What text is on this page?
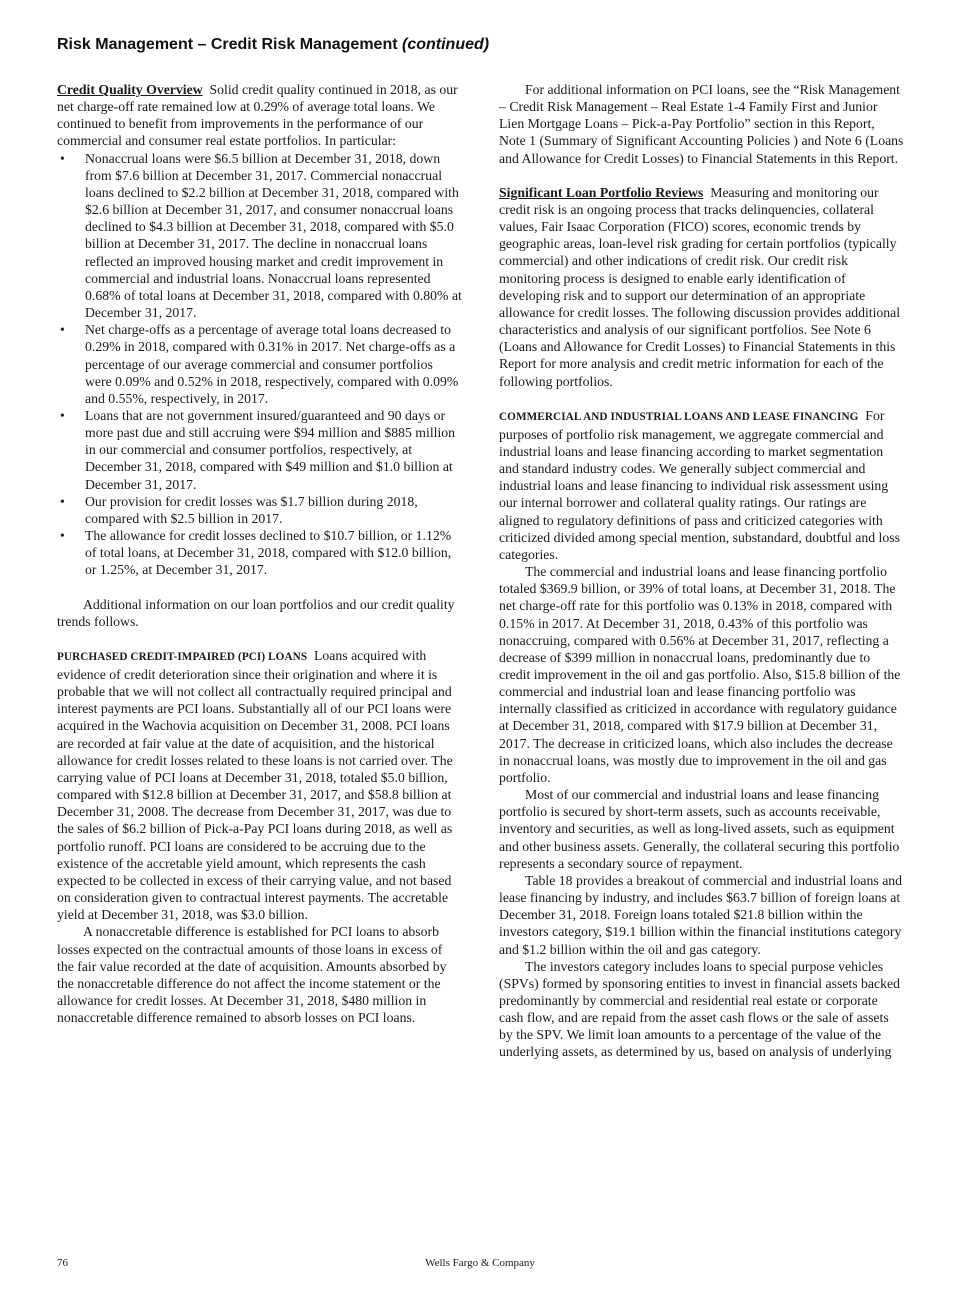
Risk Management – Credit Risk Management (continued)

Credit Quality Overview Solid credit quality continued in 2018, as our net charge-off rate remained low at 0.29% of average total loans. We continued to benefit from improvements in the performance of our commercial and consumer real estate portfolios. In particular:

• Nonaccrual loans were $6.5 billion at December 31, 2018, down from $7.6 billion at December 31, 2017. Commercial nonaccrual loans declined to $2.2 billion at December 31, 2018, compared with $2.6 billion at December 31, 2017, and consumer nonaccrual loans declined to $4.3 billion at December 31, 2018, compared with $5.0 billion at December 31, 2017. The decline in nonaccrual loans reflected an improved housing market and credit improvement in commercial and industrial loans. Nonaccrual loans represented 0.68% of total loans at December 31, 2018, compared with 0.80% at December 31, 2017.
• Net charge-offs as a percentage of average total loans decreased to 0.29% in 2018, compared with 0.31% in 2017. Net charge-offs as a percentage of our average commercial and consumer portfolios were 0.09% and 0.52% in 2018, respectively, compared with 0.09% and 0.55%, respectively, in 2017.
• Loans that are not government insured/guaranteed and 90 days or more past due and still accruing were $94 million and $885 million in our commercial and consumer portfolios, respectively, at December 31, 2018, compared with $49 million and $1.0 billion at December 31, 2017.
• Our provision for credit losses was $1.7 billion during 2018, compared with $2.5 billion in 2017.
• The allowance for credit losses declined to $10.7 billion, or 1.12% of total loans, at December 31, 2018, compared with $12.0 billion, or 1.25%, at December 31, 2017.

Additional information on our loan portfolios and our credit quality trends follows.

PURCHASED CREDIT-IMPAIRED (PCI) LOANS Loans acquired with evidence of credit deterioration since their origination and where it is probable that we will not collect all contractually required principal and interest payments are PCI loans. Substantially all of our PCI loans were acquired in the Wachovia acquisition on December 31, 2008. PCI loans are recorded at fair value at the date of acquisition, and the historical allowance for credit losses related to these loans is not carried over. The carrying value of PCI loans at December 31, 2018, totaled $5.0 billion, compared with $12.8 billion at December 31, 2017, and $58.8 billion at December 31, 2008. The decrease from December 31, 2017, was due to the sales of $6.2 billion of Pick-a-Pay PCI loans during 2018, as well as portfolio runoff. PCI loans are considered to be accruing due to the existence of the accretable yield amount, which represents the cash expected to be collected in excess of their carrying value, and not based on consideration given to contractual interest payments. The accretable yield at December 31, 2018, was $3.0 billion.

A nonaccretable difference is established for PCI loans to absorb losses expected on the contractual amounts of those loans in excess of the fair value recorded at the date of acquisition. Amounts absorbed by the nonaccretable difference do not affect the income statement or the allowance for credit losses. At December 31, 2018, $480 million in nonaccretable difference remained to absorb losses on PCI loans.

For additional information on PCI loans, see the “Risk Management – Credit Risk Management – Real Estate 1-4 Family First and Junior Lien Mortgage Loans – Pick-a-Pay Portfolio” section in this Report, Note 1 (Summary of Significant Accounting Policies ) and Note 6 (Loans and Allowance for Credit Losses) to Financial Statements in this Report.

Significant Loan Portfolio Reviews Measuring and monitoring our credit risk is an ongoing process that tracks delinquencies, collateral values, Fair Isaac Corporation (FICO) scores, economic trends by geographic areas, loan-level risk grading for certain portfolios (typically commercial) and other indications of credit risk. Our credit risk monitoring process is designed to enable early identification of developing risk and to support our determination of an appropriate allowance for credit losses. The following discussion provides additional characteristics and analysis of our significant portfolios. See Note 6 (Loans and Allowance for Credit Losses) to Financial Statements in this Report for more analysis and credit metric information for each of the following portfolios.

COMMERCIAL AND INDUSTRIAL LOANS AND LEASE FINANCING For purposes of portfolio risk management, we aggregate commercial and industrial loans and lease financing according to market segmentation and standard industry codes. We generally subject commercial and industrial loans and lease financing to individual risk assessment using our internal borrower and collateral quality ratings. Our ratings are aligned to regulatory definitions of pass and criticized categories with criticized divided among special mention, substandard, doubtful and loss categories.

The commercial and industrial loans and lease financing portfolio totaled $369.9 billion, or 39% of total loans, at December 31, 2018. The net charge-off rate for this portfolio was 0.13% in 2018, compared with 0.15% in 2017. At December 31, 2018, 0.43% of this portfolio was nonaccruing, compared with 0.56% at December 31, 2017, reflecting a decrease of $399 million in nonaccrual loans, predominantly due to credit improvement in the oil and gas portfolio. Also, $15.8 billion of the commercial and industrial loan and lease financing portfolio was internally classified as criticized in accordance with regulatory guidance at December 31, 2018, compared with $17.9 billion at December 31, 2017. The decrease in criticized loans, which also includes the decrease in nonaccrual loans, was mostly due to improvement in the oil and gas portfolio.

Most of our commercial and industrial loans and lease financing portfolio is secured by short-term assets, such as accounts receivable, inventory and securities, as well as long-lived assets, such as equipment and other business assets. Generally, the collateral securing this portfolio represents a secondary source of repayment.

Table 18 provides a breakout of commercial and industrial loans and lease financing by industry, and includes $63.7 billion of foreign loans at December 31, 2018. Foreign loans totaled $21.8 billion within the investors category, $19.1 billion within the financial institutions category and $1.2 billion within the oil and gas category.

The investors category includes loans to special purpose vehicles (SPVs) formed by sponsoring entities to invest in financial assets backed predominantly by commercial and residential real estate or corporate cash flow, and are repaid from the asset cash flows or the sale of assets by the SPV. We limit loan amounts to a percentage of the value of the underlying assets, as determined by us, based on analysis of underlying

76	Wells Fargo & Company
